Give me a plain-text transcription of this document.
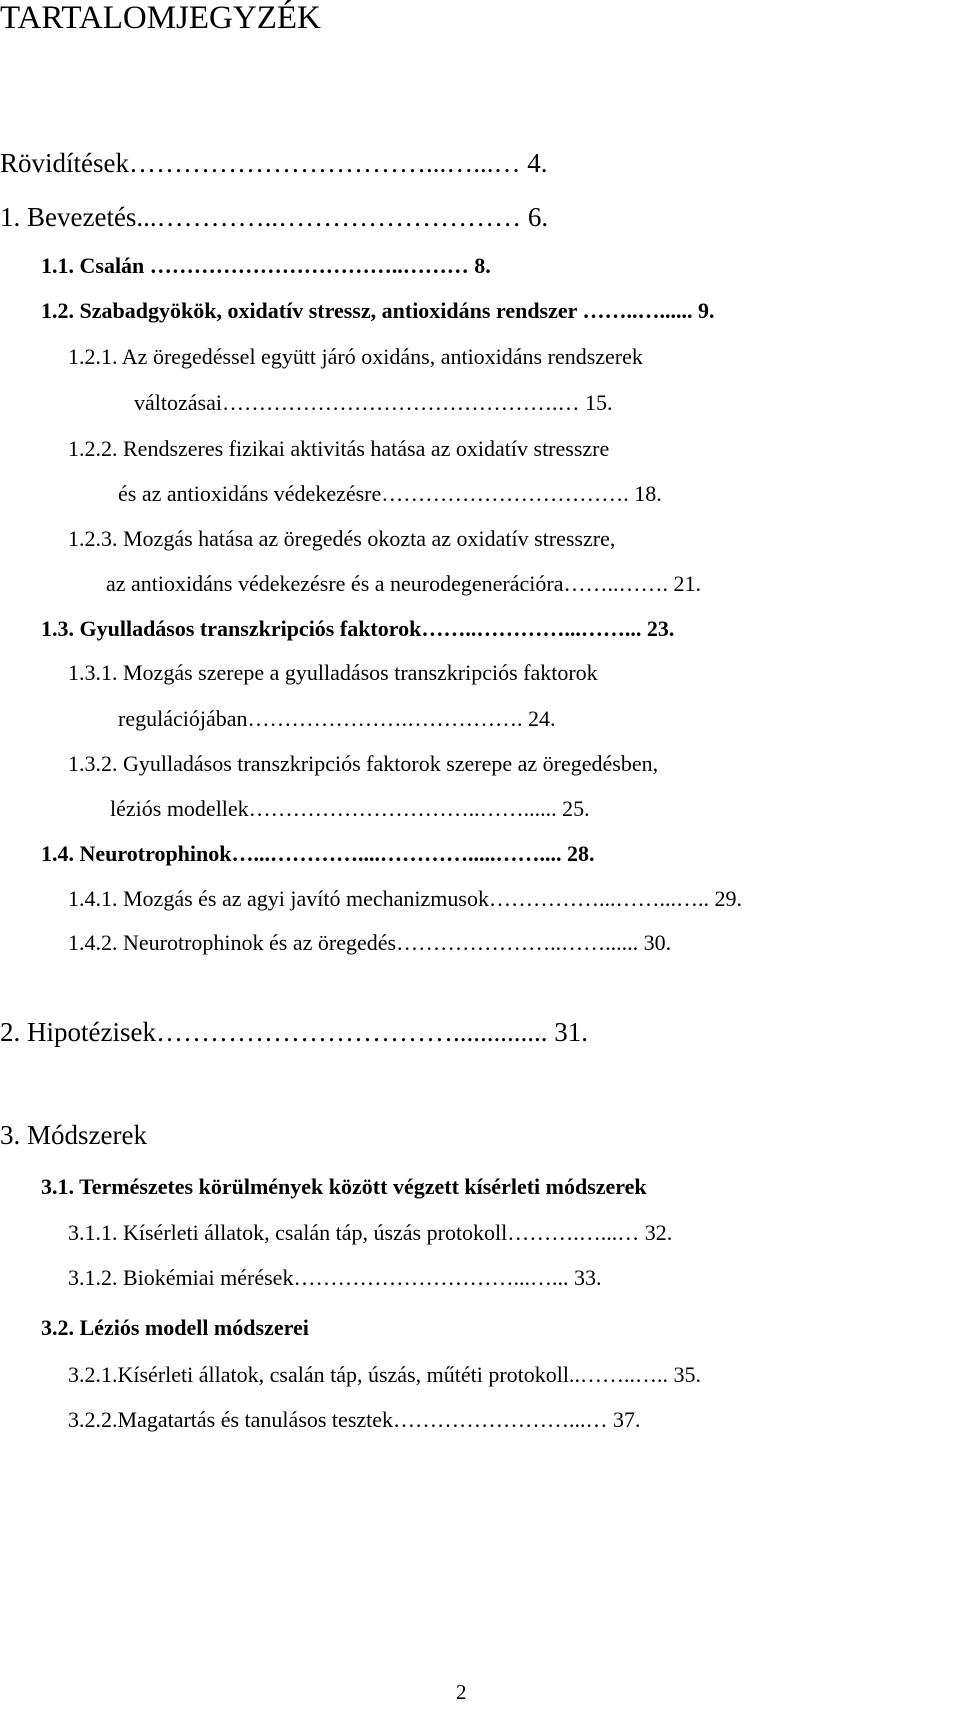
TARTALOMJEGYZÉK
Rövidítések……………………………...…...… 4.
1. Bevezetés...…………..……………………… 6.
1.1. Csalán ……………………………..……… 8.
1.2. Szabadgyökök, oxidatív stressz, antioxidáns rendszer ……..…...... 9.
1.2.1. Az öregedéssel együtt járó oxidáns, antioxidáns rendszerek
változásai……………………………………….… 15.
1.2.2. Rendszeres fizikai aktivitás hatása az oxidatív stresszre
és az antioxidáns védekezésre……………………………. 18.
1.2.3. Mozgás hatása az öregedés okozta az oxidatív stresszre,
az antioxidáns védekezésre és a neurodegenerációra……..……. 21.
1.3. Gyulladásos transzkripciós faktorok……..…………...……... 23.
1.3.1. Mozgás szerepe a gyulladásos transzkripciós faktorok
regulációjában………………….……………. 24.
1.3.2. Gyulladásos transzkripciós faktorok szerepe az öregedésben,
léziós modellek…………………………..……...... 25.
1.4. Neurotrophinok…...…………....………….....…….... 28.
1.4.1. Mozgás és az agyi javító mechanizmusok……………...……...….. 29.
1.4.2. Neurotrophinok és az öregedés…………………..……...... 30.
2. Hipotézisek…………………………….............. 31.
3. Módszerek
3.1. Természetes körülmények között végzett kísérleti módszerek
3.1.1. Kísérleti állatok, csalán táp, úszás protokoll……….…...… 32.
3.1.2. Biokémiai mérések…………………………...…... 33.
3.2. Léziós modell módszerei
3.2.1.Kísérleti állatok, csalán táp, úszás, műtéti protokoll..……..….. 35.
3.2.2.Magatartás és tanulásos tesztek……………………...… 37.
2
